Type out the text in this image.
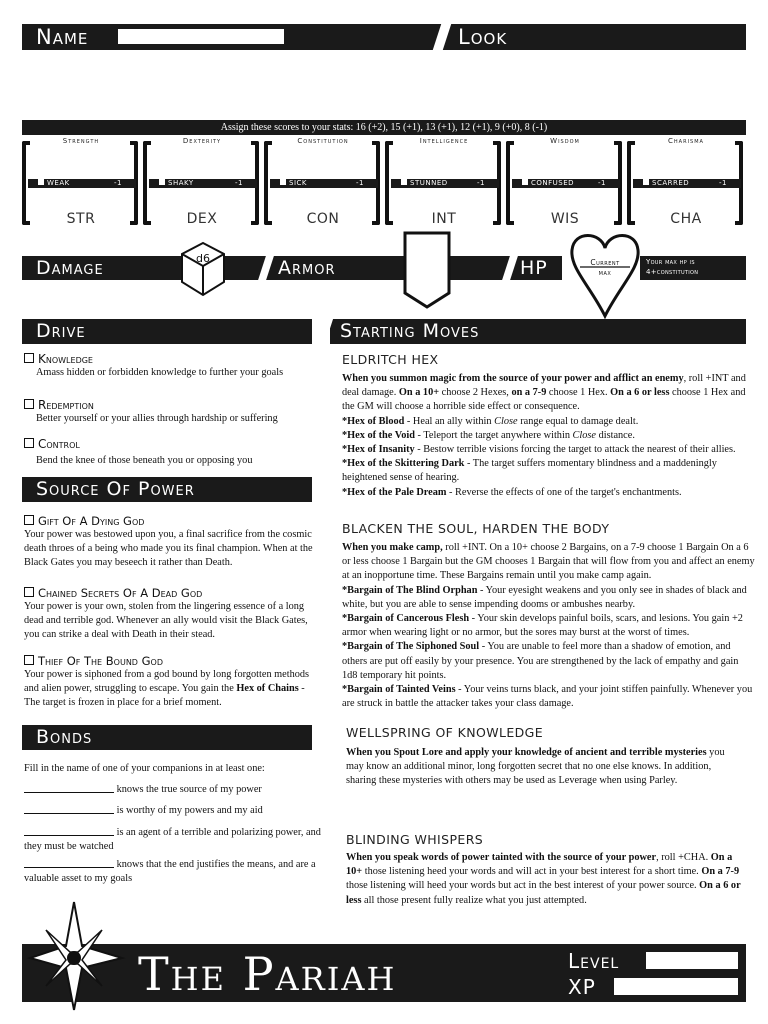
Name	Look
Assign these scores to your stats: 16 (+2), 15 (+1), 13 (+1), 12 (+1), 9 (+0), 8 (-1)
Strength
WEAK	-1
STR
Dexterity
SHAKY	-1
DEX
Constitution
SICK	-1
CON
Intelligence
STUNNED	-1
INT
Wisdom
CONFUSED	-1
WIS
Charisma
SCARRED	-1
CHA
Damage	d6	Armor	HP	Your max hp is 4+constitution
Current
max
Drive
Knowledge
Amass hidden or forbidden knowledge to further your goals
Redemption
Better yourself or your allies through hardship or suffering
Control
Bend the knee of those beneath you or opposing you
Source Of Power
Gift Of A Dying God
Your power was bestowed upon you, a final sacrifice from the cosmic death throes of a being who made you its final champion. When at the Black Gates you may beseech it rather than Death.
Chained Secrets Of A Dead God
Your power is your own, stolen from the lingering essence of a long dead and terrible god. Whenever an ally would visit the Black Gates, you can strike a deal with Death in their stead.
Thief Of The Bound God
Your power is siphoned from a god bound by long forgotten methods and alien power, struggling to escape. You gain the Hex of Chains - The target is frozen in place for a brief moment.
Bonds
Fill in the name of one of your companions in at least one:
knows the true source of my power
is worthy of my powers and my aid
is an agent of a terrible and polarizing power, and they must be watched
knows that the end justifies the means, and are a valuable asset to my goals
Starting Moves
ELDRITCH HEX
When you summon magic from the source of your power and afflict an enemy, roll +INT and deal damage. On a 10+ choose 2 Hexes, on a 7-9 choose 1 Hex. On a 6 or less choose 1 Hex and the GM will choose a horrible side effect or consequence.
*Hex of Blood - Heal an ally within Close range equal to damage dealt.
*Hex of the Void - Teleport the target anywhere within Close distance.
*Hex of Insanity - Bestow terrible visions forcing the target to attack the nearest of their allies.
*Hex of the Skittering Dark - The target suffers momentary blindness and a maddeningly heightened sense of hearing.
*Hex of the Pale Dream - Reverse the effects of one of the target's enchantments.
BLACKEN THE SOUL, HARDEN THE BODY
When you make camp, roll +INT. On a 10+ choose 2 Bargains, on a 7-9 choose 1 Bargain On a 6 or less choose 1 Bargain but the GM chooses 1 Bargain that will flow from you and affect an enemy at an inopportune time. These Bargains remain until you make camp again.
*Bargain of The Blind Orphan - Your eyesight weakens and you only see in shades of black and white, but you are able to sense impending dooms or ambushes nearby.
*Bargain of Cancerous Flesh - Your skin develops painful boils, scars, and lesions. You gain +2 armor when wearing light or no armor, but the sores may burst at the worst of times.
*Bargain of The Siphoned Soul - You are unable to feel more than a shadow of emotion, and others are put off easily by your presence. You are strengthened by the lack of empathy and gain 1d8 temporary hit points.
*Bargain of Tainted Veins - Your veins turns black, and your joint stiffen painfully. Whenever you are struck in battle the attacker takes your class damage.
WELLSPRING OF KNOWLEDGE
When you Spout Lore and apply your knowledge of ancient and terrible mysteries you may know an additional minor, long forgotten secret that no one else knows. In addition, sharing these mysteries with others may be used as Leverage when using Parley.
BLINDING WHISPERS
When you speak words of power tainted with the source of your power, roll +CHA. On a 10+ those listening heed your words and will act in your best interest for a short time. On a 7-9 those listening will heed your words but act in the best interest of your power source. On a 6 or less all those present fully realize what you just attempted.
The Pariah	Level
XP
